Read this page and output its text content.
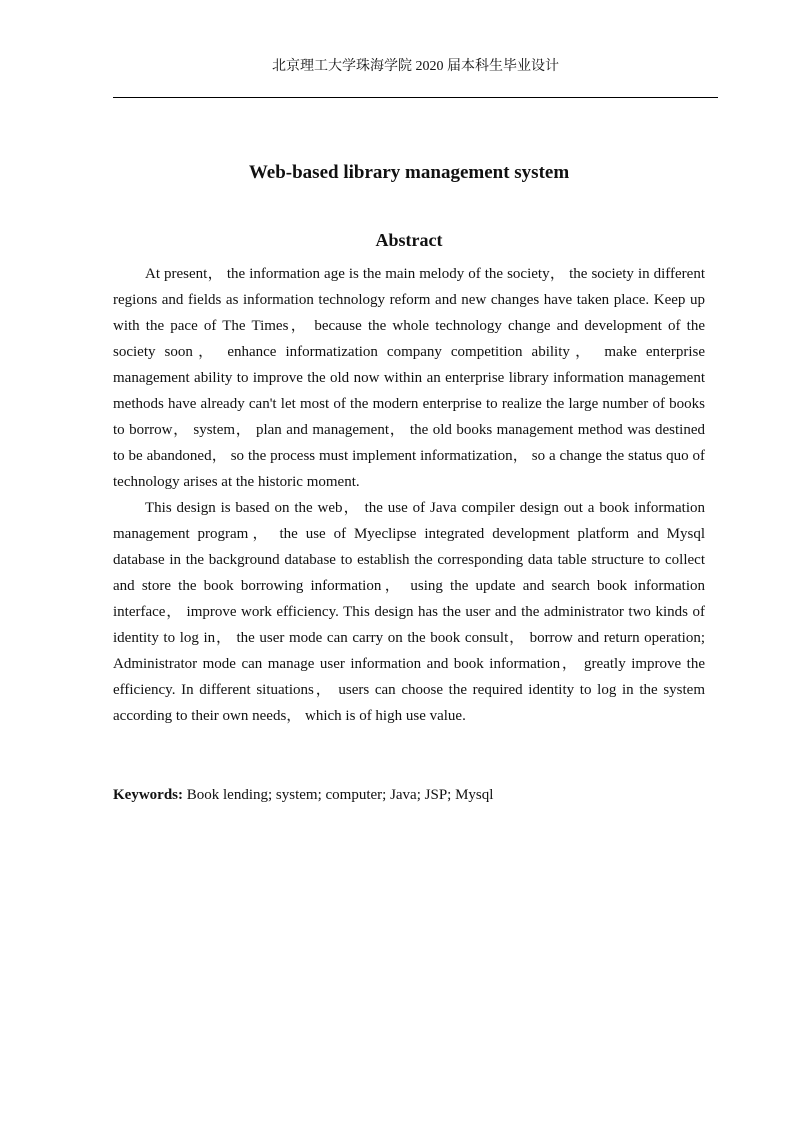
北京理工大学珠海学院 2020 届本科生毕业设计
Web-based library management system
Abstract

At present， the information age is the main melody of the society， the society in different regions and fields as information technology reform and new changes have taken place. Keep up with the pace of The Times， because the whole technology change and development of the society soon， enhance informatization company competition ability， make enterprise management ability to improve the old now within an enterprise library information management methods have already can't let most of the modern enterprise to realize the large number of books to borrow， system， plan and management， the old books management method was destined to be abandoned， so the process must implement informatization， so a change the status quo of technology arises at the historic moment.

This design is based on the web， the use of Java compiler design out a book information management program， the use of Myeclipse integrated development platform and Mysql database in the background database to establish the corresponding data table structure to collect and store the book borrowing information， using the update and search book information interface， improve work efficiency. This design has the user and the administrator two kinds of identity to log in， the user mode can carry on the book consult， borrow and return operation; Administrator mode can manage user information and book information， greatly improve the efficiency. In different situations， users can choose the required identity to log in the system according to their own needs， which is of high use value.

Keywords: Book lending; system; computer; Java; JSP; Mysql
